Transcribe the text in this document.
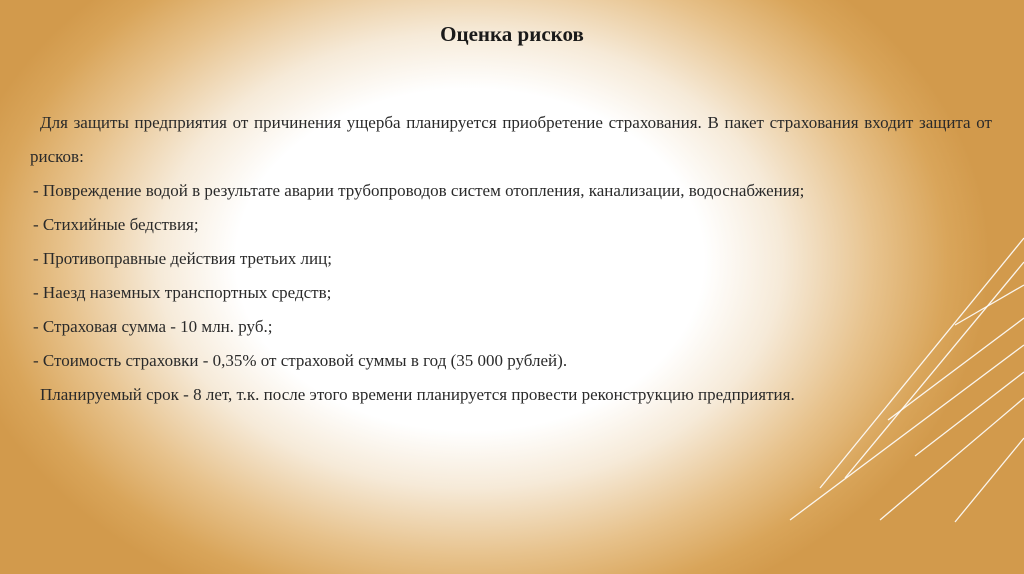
Оценка рисков
Для защиты предприятия от причинения ущерба планируется приобретение страхования. В пакет страхования входит защита от рисков:
- Повреждение водой в результате аварии трубопроводов систем отопления, канализации, водоснабжения;
- Стихийные бедствия;
- Противоправные действия третьих лиц;
- Наезд наземных транспортных средств;
- Страховая сумма - 10 млн. руб.;
- Стоимость страховки - 0,35% от страховой суммы в год (35 000 рублей).
Планируемый срок - 8 лет, т.к. после этого времени планируется провести реконструкцию предприятия.
